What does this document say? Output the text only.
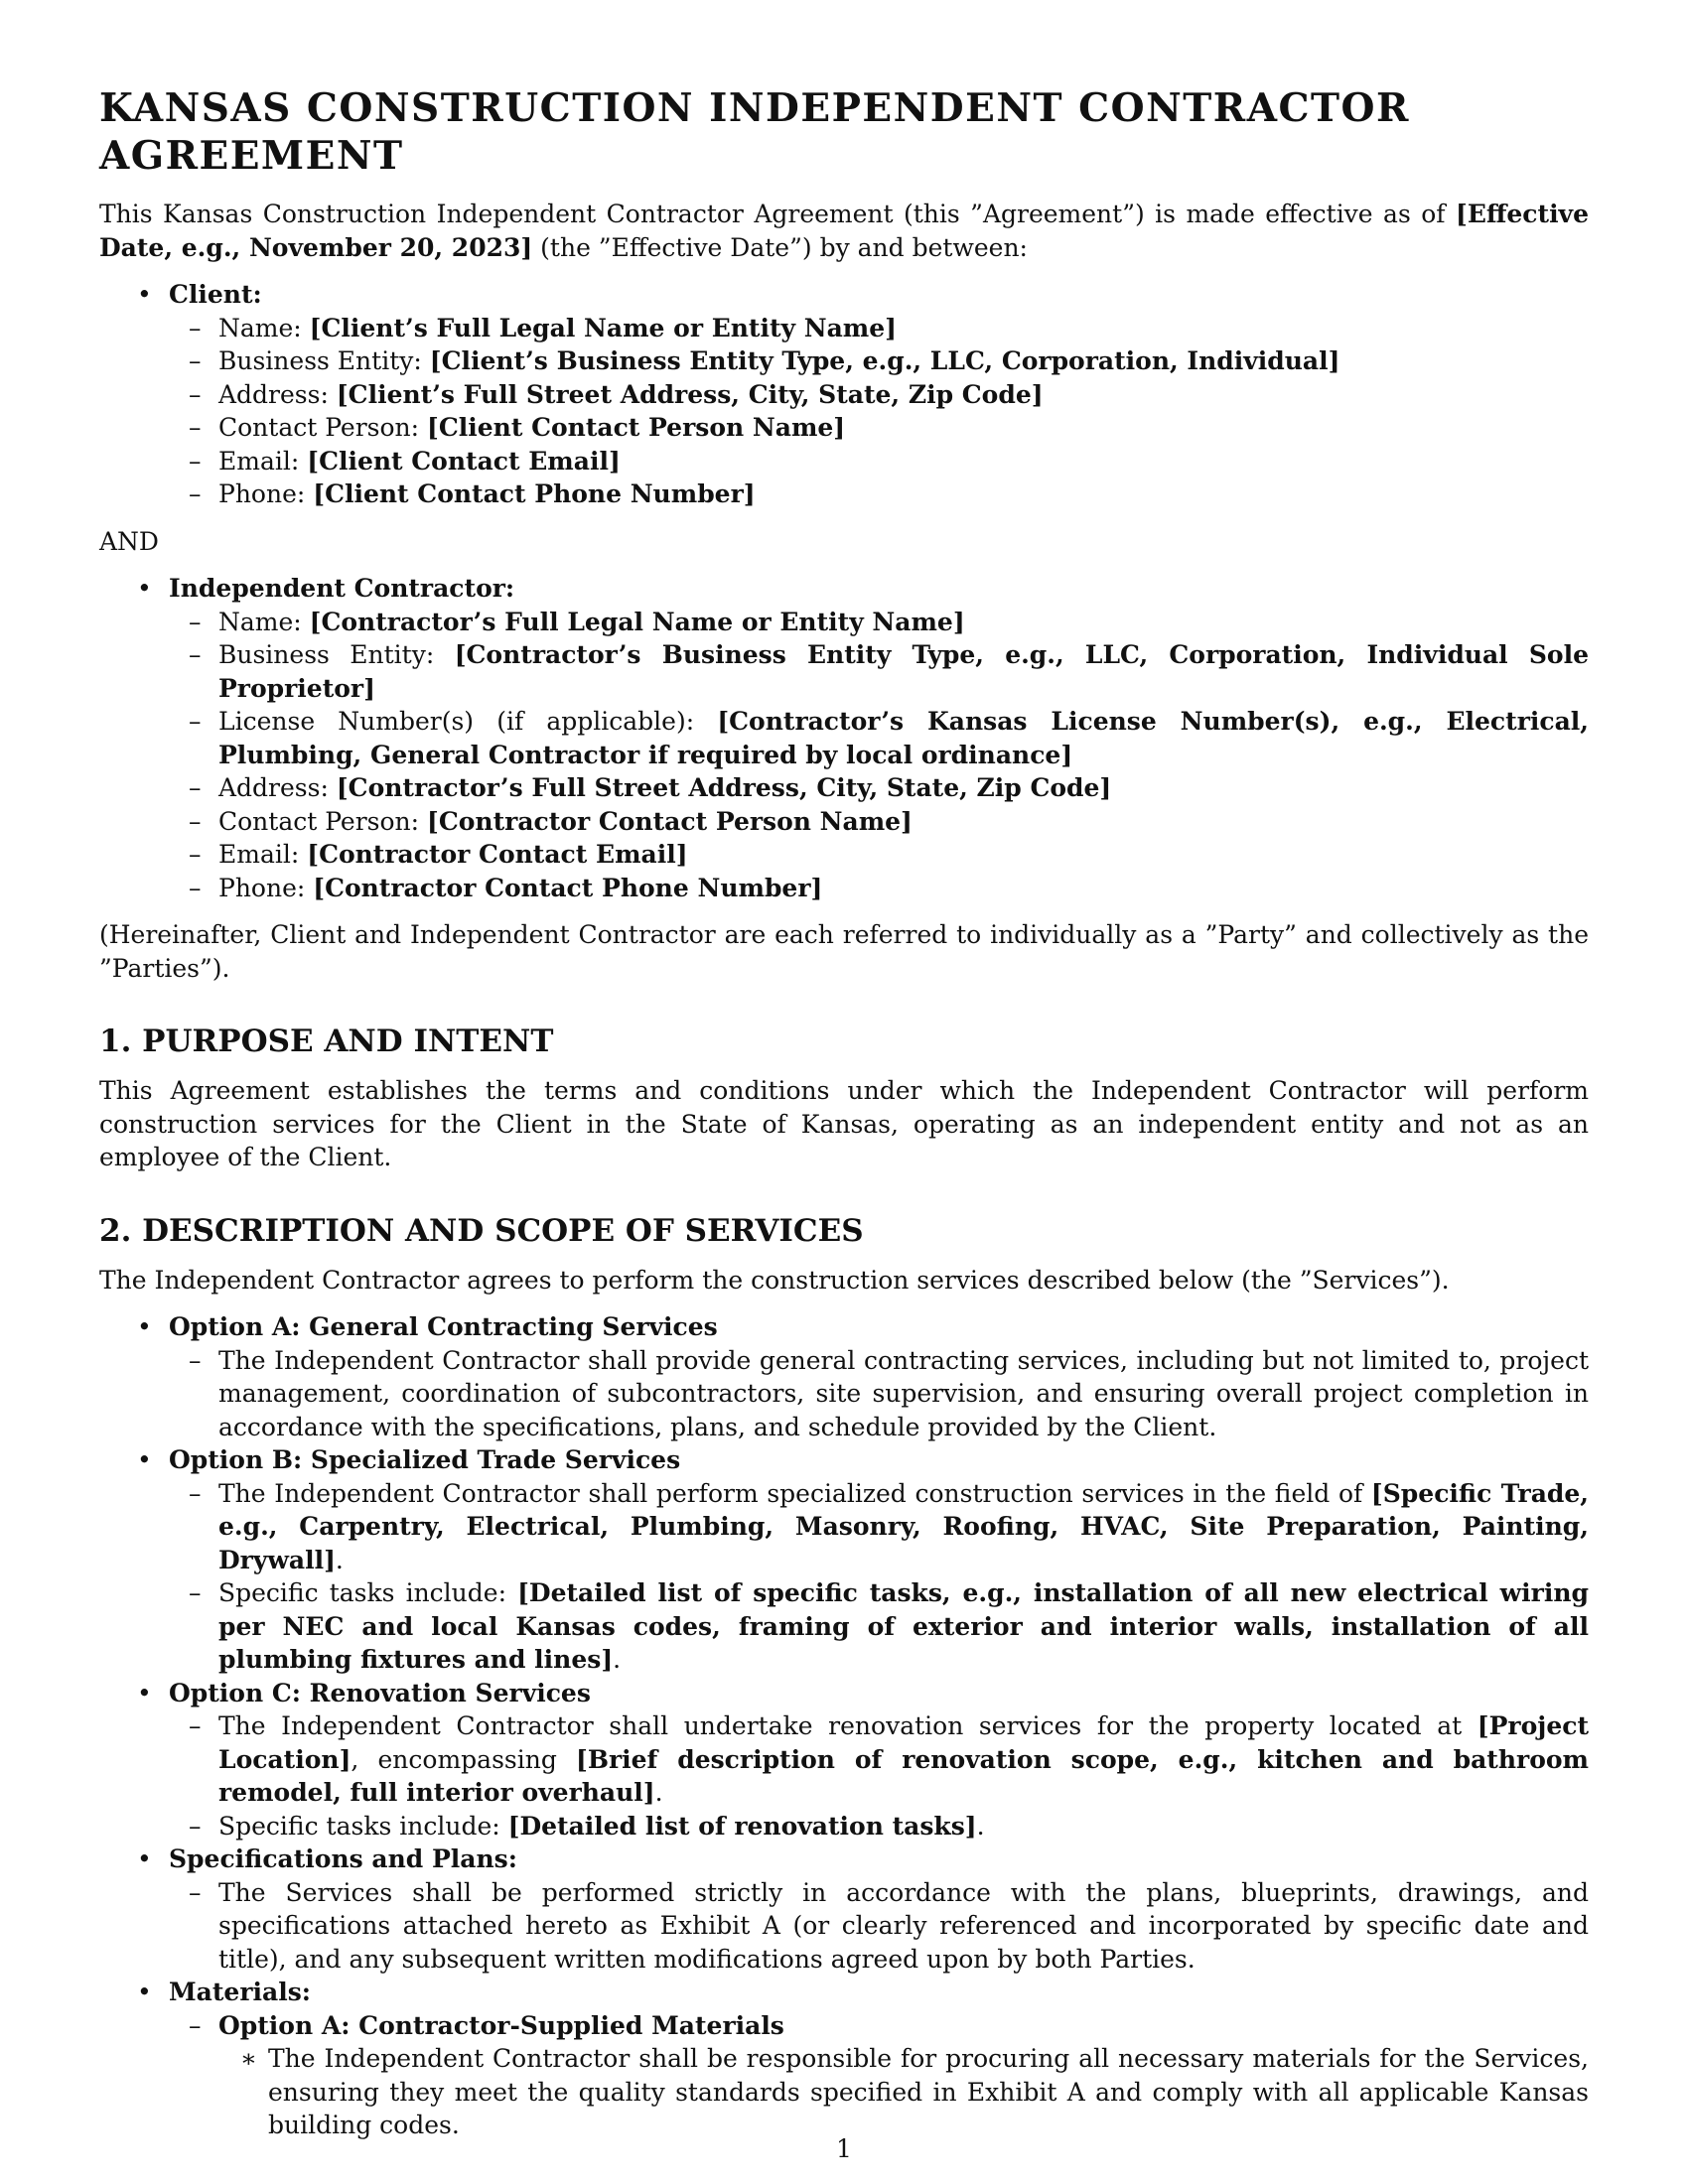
KANSAS CONSTRUCTION INDEPENDENT CONTRACTOR AGREEMENT

This Kansas Construction Independent Contractor Agreement (this ”Agreement”) is made effective as of [Effective Date, e.g., November 20, 2023] (the ”Effective Date”) by and between:

• Client:
– Name: [Client’s Full Legal Name or Entity Name]
– Business Entity: [Client’s Business Entity Type, e.g., LLC, Corporation, Individual]
– Address: [Client’s Full Street Address, City, State, Zip Code]
– Contact Person: [Client Contact Person Name]
– Email: [Client Contact Email]
– Phone: [Client Contact Phone Number]
AND
• Independent Contractor:
– Name: [Contractor’s Full Legal Name or Entity Name]
– Business Entity: [Contractor’s Business Entity Type, e.g., LLC, Corporation, Individual Sole Proprietor]
– License Number(s) (if applicable): [Contractor’s Kansas License Number(s), e.g., Electrical, Plumbing, General Contractor if required by local ordinance]
– Address: [Contractor’s Full Street Address, City, State, Zip Code]
– Contact Person: [Contractor Contact Person Name]
– Email: [Contractor Contact Email]
– Phone: [Contractor Contact Phone Number]

(Hereinafter, Client and Independent Contractor are each referred to individually as a ”Party” and collectively as the ”Parties”).

1. PURPOSE AND INTENT

This Agreement establishes the terms and conditions under which the Independent Contractor will perform construction services for the Client in the State of Kansas, operating as an independent entity and not as an employee of the Client.

2. DESCRIPTION AND SCOPE OF SERVICES

The Independent Contractor agrees to perform the construction services described below (the ”Services”).

• Option A: General Contracting Services
– The Independent Contractor shall provide general contracting services, including but not limited to, project management, coordination of subcontractors, site supervision, and ensuring overall project completion in accordance with the specifications, plans, and schedule provided by the Client.
• Option B: Specialized Trade Services
– The Independent Contractor shall perform specialized construction services in the field of [Specific Trade, e.g., Carpentry, Electrical, Plumbing, Masonry, Roofing, HVAC, Site Preparation, Painting, Drywall].
– Specific tasks include: [Detailed list of specific tasks, e.g., installation of all new electrical wiring per NEC and local Kansas codes, framing of exterior and interior walls, installation of all plumbing fixtures and lines].
• Option C: Renovation Services
– The Independent Contractor shall undertake renovation services for the property located at [Project Location], encompassing [Brief description of renovation scope, e.g., kitchen and bathroom remodel, full interior overhaul].
– Specific tasks include: [Detailed list of renovation tasks].
• Specifications and Plans:
– The Services shall be performed strictly in accordance with the plans, blueprints, drawings, and specifications attached hereto as Exhibit A (or clearly referenced and incorporated by specific date and title), and any subsequent written modifications agreed upon by both Parties.
• Materials:
– Option A: Contractor-Supplied Materials
∗ The Independent Contractor shall be responsible for procuring all necessary materials for the Services, ensuring they meet the quality standards specified in Exhibit A and comply with all applicable Kansas building codes.
1
